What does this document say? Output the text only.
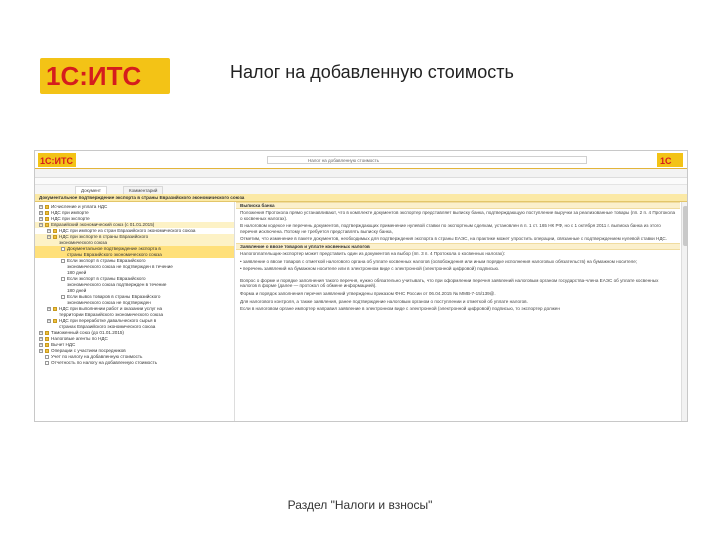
1С:ИТС	Налог на добавленную стоимость
1С:ИТС	Налог на добавленную стоимость	1С
Документ	Комментарий
Документальное подтверждение экспорта в страны Евразийского экономического союза
+ Исчисление и уплата НДС
+ НДС при импорте
+ НДС при экспорте
− Евразийский экономический союз (с 01.01.2015)
+ НДС при импорте из стран Евразийского экономического союза
− НДС при экспорте в страны Евразийского
экономического союза
Документальное подтверждение экспорта в
страны Евразийского экономического союза
Если экспорт в страны Евразийского
экономического союза не подтвержден в течение
180 дней
Если экспорт в страны Евразийского
экономического союза подтвержден в течение
180 дней
Если вывоз товаров в страны Евразийского
экономического союза не подтвержден
+ НДС при выполнении работ и оказании услуг на
территории Евразийского экономического союза
+ НДС при переработке давальческого сырья в
странах Евразийского экономического союза
+ Таможенный союз (до 01.01.2015)
+ Налоговые агенты по НДС
+ Вычет НДС
+ Операции с участием посредников
Учет по налогу на добавленную стоимость
Отчетность по налогу на добавленную стоимость
Выписка банка
Положения Протокола прямо устанавливают, что в комплекте документов экспортер представляет выписку банка, подтверждающую поступление выручки за реализованные товары (пп. 2 п. 4 Протокола о косвенных налогах).
В налоговом кодексе не перечень документов, подтверждающих применение нулевой ставки по экспортным сделкам, установлен в п. 1 ст. 165 НК РФ, но с 1 октября 2011 г. выписка банка из этого перечня исключена. Потому не требуется представлять выписку банка,
Отметим, что изменение в пакете документов, необходимых для подтверждения экспорта в страны ЕАЭС, на практике может упростить операции, связанные с подтверждением нулевой ставки НДС.
Заявление о ввозе товаров и уплате косвенных налогов
Налогоплательщик-экспортер может представить один из документов на выбор (пп. 3 п. 4 Протокола о косвенных налогах):
• заявление о ввозе товаров с отметкой налогового органа об уплате косвенных налогов (освобождения или иным порядке исполнения налоговых обязательств) на бумажном носителе;
• перечень заявлений на бумажном носителе или в электронном виде с электронной (электронной цифровой) подписью.
Вопрос о форме и порядке заполнения такого перечня, нужно обязательно учитывать, что при оформлении перечня заявлений налоговым органом государства-члена ЕАЭС об уплате косвенных налогов в форме (далее — протокол об обмене информацией).
Форма и порядок заполнения перечня заявлений утверждены приказом ФНС России от 06.04.2015 № ММВ-7-15/139@.
Для налогового контроля, а также заявления, ранее подтверждение налоговым органом о поступлении и отметкой об уплате налогов.
Если в налоговом органе импортер направил заявление в электронном виде с электронной (электронной цифровой) подписью, то экспортер должен
Раздел "Налоги и взносы"
